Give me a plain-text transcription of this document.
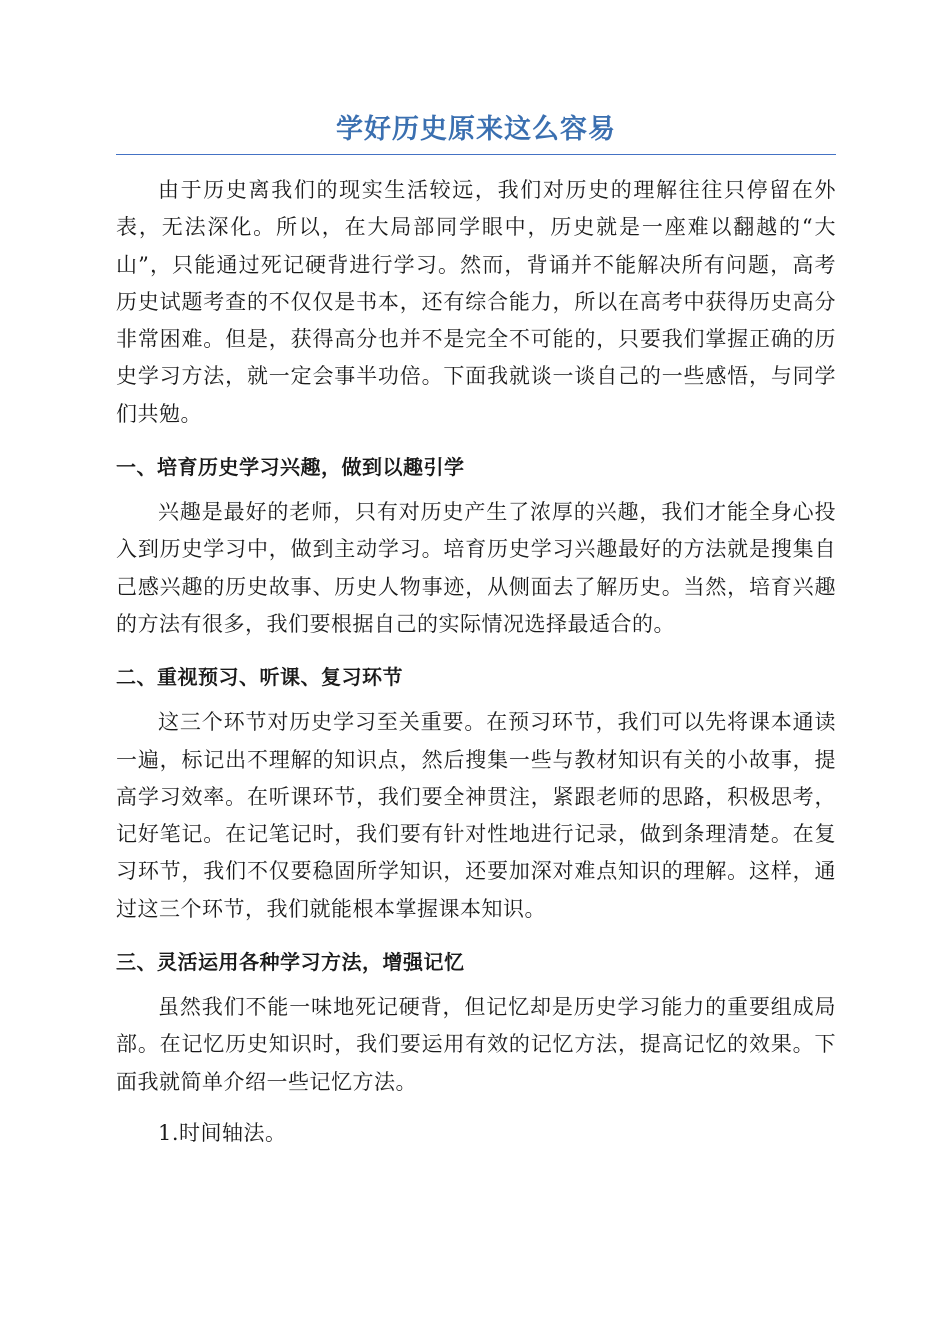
学好历史原来这么容易

由于历史离我们的现实生活较远，我们对历史的理解往往只停留在外表，无法深化。所以，在大局部同学眼中，历史就是一座难以翻越的“大山”，只能通过死记硬背进行学习。然而，背诵并不能解决所有问题，高考历史试题考查的不仅仅是书本，还有综合能力，所以在高考中获得历史高分非常困难。但是，获得高分也并不是完全不可能的，只要我们掌握正确的历史学习方法，就一定会事半功倍。下面我就谈一谈自己的一些感悟，与同学们共勉。

一、培育历史学习兴趣，做到以趣引学

兴趣是最好的老师，只有对历史产生了浓厚的兴趣，我们才能全身心投入到历史学习中，做到主动学习。培育历史学习兴趣最好的方法就是搜集自己感兴趣的历史故事、历史人物事迹，从侧面去了解历史。当然，培育兴趣的方法有很多，我们要根据自己的实际情况选择最适合的。

二、重视预习、听课、复习环节

这三个环节对历史学习至关重要。在预习环节，我们可以先将课本通读一遍，标记出不理解的知识点，然后搜集一些与教材知识有关的小故事，提高学习效率。在听课环节，我们要全神贯注，紧跟老师的思路，积极思考，记好笔记。在记笔记时，我们要有针对性地进行记录，做到条理清楚。在复习环节，我们不仅要稳固所学知识，还要加深对难点知识的理解。这样，通过这三个环节，我们就能根本掌握课本知识。

三、灵活运用各种学习方法，增强记忆

虽然我们不能一味地死记硬背，但记忆却是历史学习能力的重要组成局部。在记忆历史知识时，我们要运用有效的记忆方法，提高记忆的效果。下面我就简单介绍一些记忆方法。

1.时间轴法。
